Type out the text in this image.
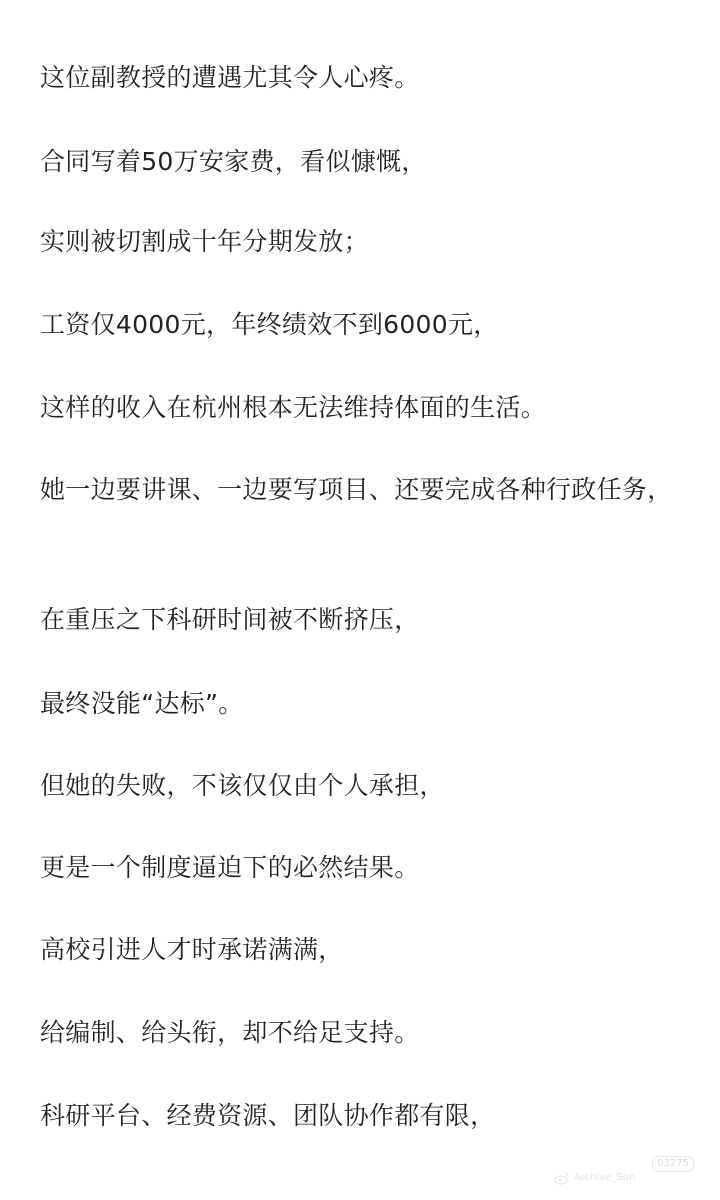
这位副教授的遭遇尤其令人心疼。

合同写着50万安家费，看似慷慨，

实则被切割成十年分期发放；

工资仅4000元，年终绩效不到6000元，

这样的收入在杭州根本无法维持体面的生活。

她一边要讲课、一边要写项目、还要完成各种行政任务，

在重压之下科研时间被不断挤压，

最终没能“达标”。

但她的失败，不该仅仅由个人承担，

更是一个制度逼迫下的必然结果。

高校引进人才时承诺满满，

给编制、给头衔，却不给足支持。

科研平台、经费资源、团队协作都有限，

03275
Archive_Son
